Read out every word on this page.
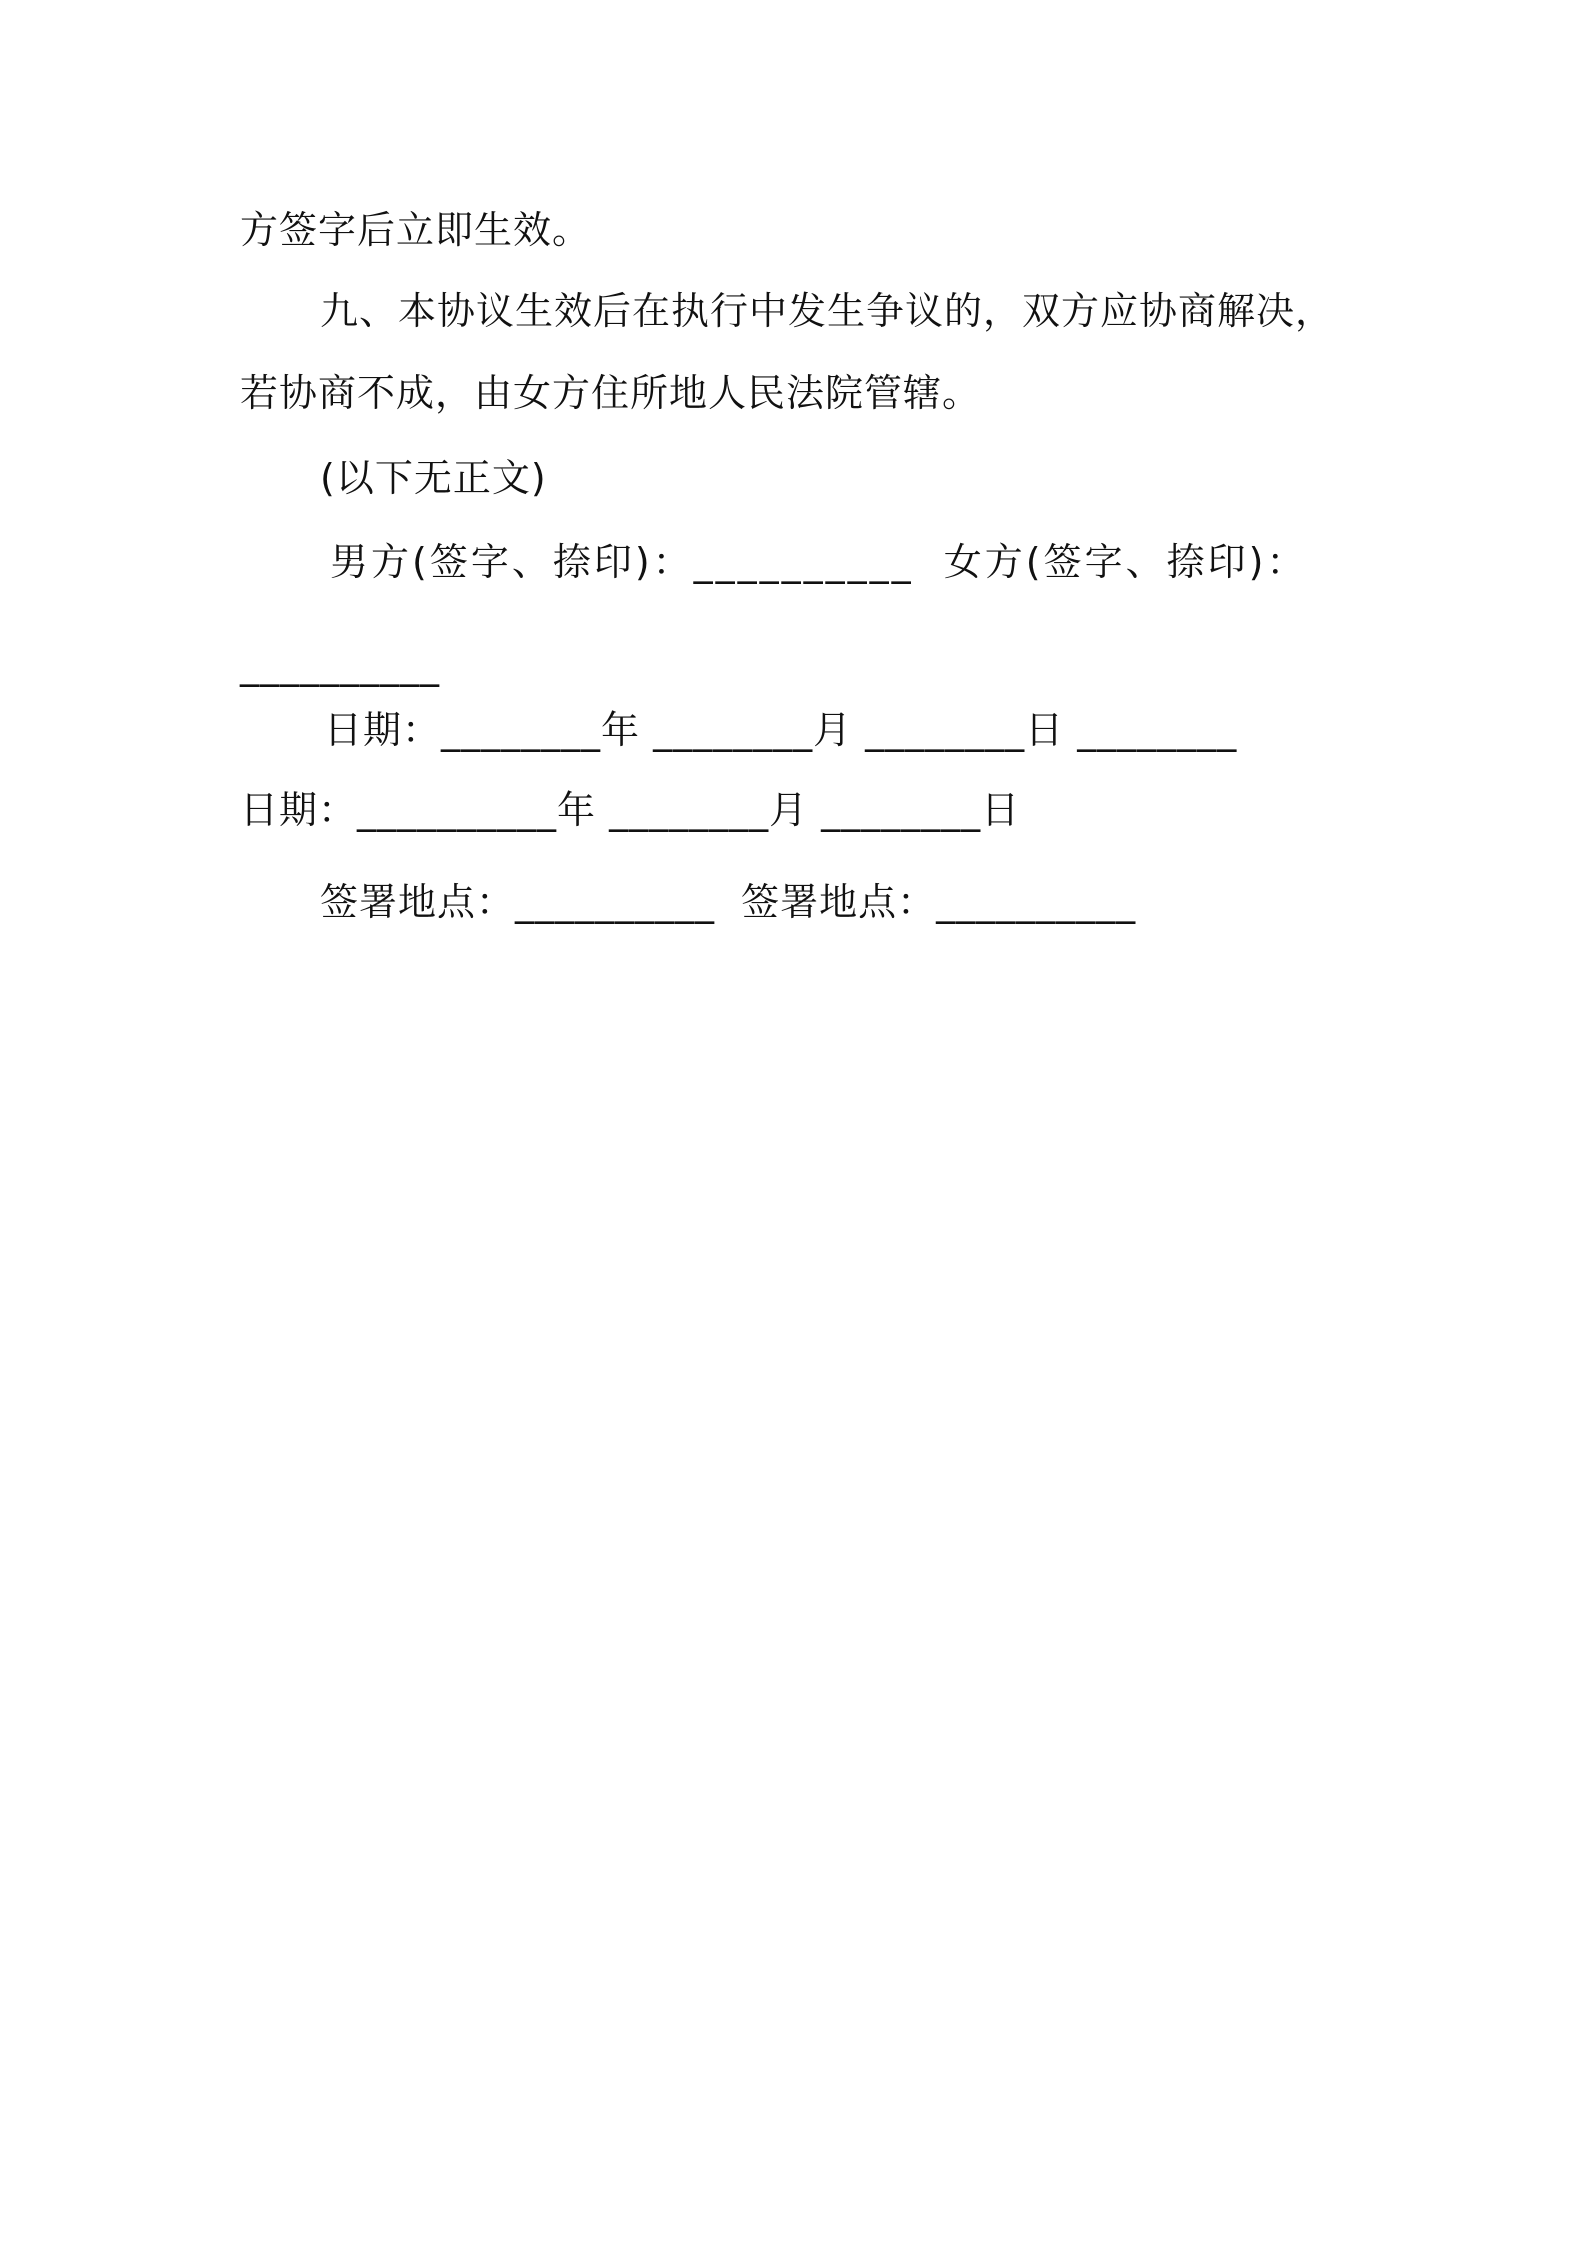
方签字后立即生效。
九、本协议生效后在执行中发生争议的，双方应协商解决，
若协商不成，由女方住所地人民法院管辖。
(以下无正文)
男方(签字、捺印)：__________  女方(签字、捺印)：
__________
日期：________年 ________月 ________日 ________
日期：__________年 ________月 ________日
签署地点：__________  签署地点：__________
